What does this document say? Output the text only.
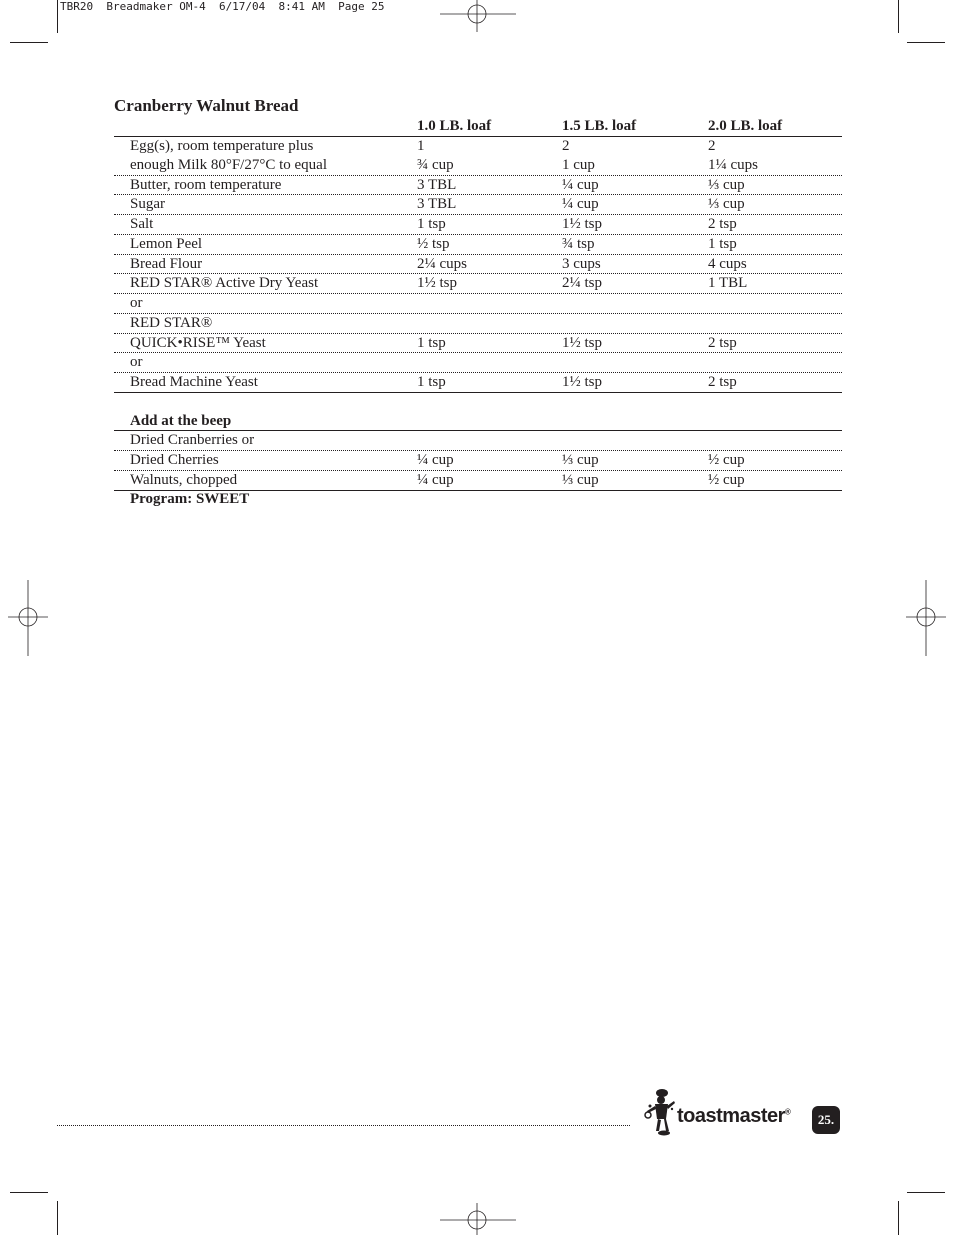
TBR20  Breadmaker OM-4  6/17/04  8:41 AM  Page 25
Cranberry Walnut Bread
1.0 LB. loaf	1.5 LB. loaf	2.0 LB. loaf
Egg(s), room temperature plus	1	2	2
enough Milk 80°F/27°C to equal	¾ cup	1 cup	1¼ cups
Butter, room temperature	3 TBL	¼ cup	⅓ cup
Sugar	3 TBL	¼ cup	⅓ cup
Salt	1 tsp	1½ tsp	2 tsp
Lemon Peel	½ tsp	¾ tsp	1 tsp
Bread Flour	2¼ cups	3 cups	4 cups
RED STAR® Active Dry Yeast	1½ tsp	2¼ tsp	1 TBL
or
RED STAR®
QUICK•RISE™ Yeast	1 tsp	1½ tsp	2 tsp
or
Bread Machine Yeast	1 tsp	1½ tsp	2 tsp
Add at the beep
Dried Cranberries or
Dried Cherries	¼ cup	⅓ cup	½ cup
Walnuts, chopped	¼ cup	⅓ cup	½ cup
Program: SWEET
toastmaster®
25.
